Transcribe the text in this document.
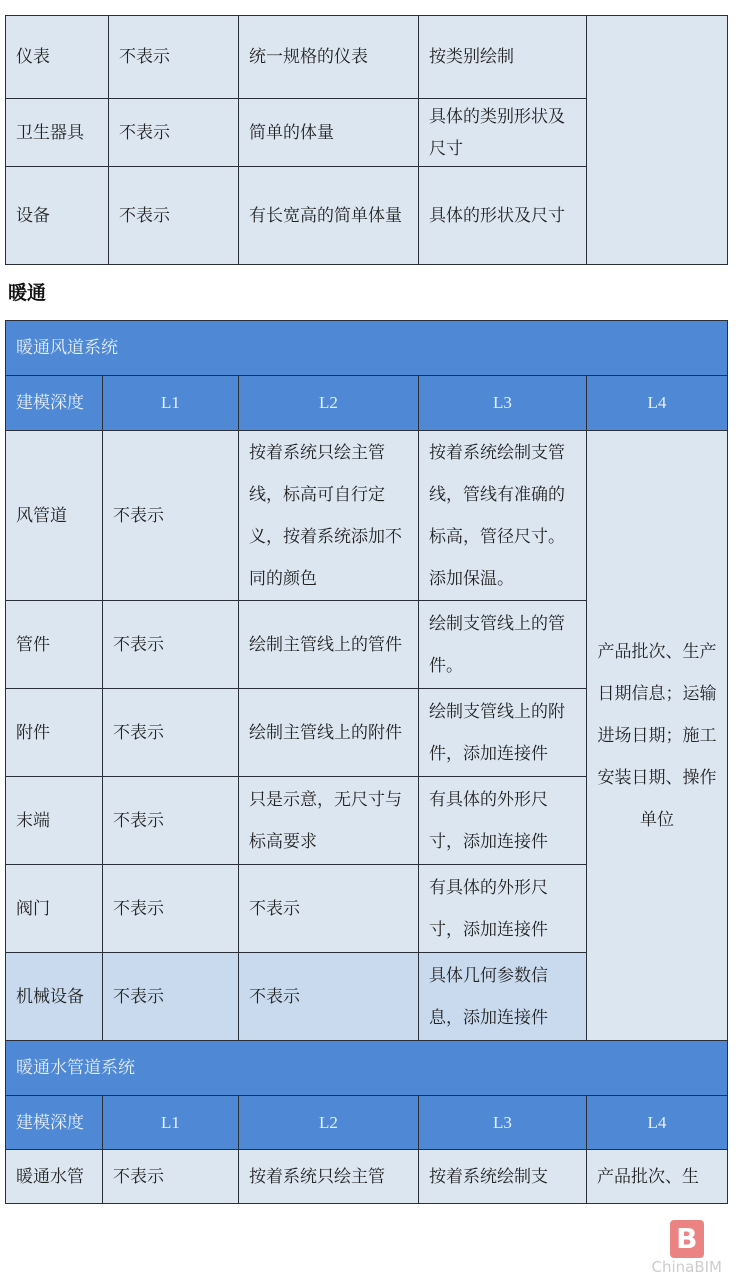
仪表	不表示	统一规格的仪表	按类别绘制	
卫生器具	不表示	简单的体量	具体的类别形状及尺寸	
设备	不表示	有长宽高的简单体量	具体的形状及尺寸	
暖通
暖通风道系统				
建模深度	L1	L2	L3	L4
风管道	不表示	按着系统只绘主管线，标高可自行定义，按着系统添加不同的颜色	按着系统绘制支管线，管线有准确的标高，管径尺寸。添加保温。	产品批次、生产日期信息；运输进场日期；施工安装日期、操作单位
管件	不表示	绘制主管线上的管件	绘制支管线上的管件。	
附件	不表示	绘制主管线上的附件	绘制支管线上的附件，添加连接件	
末端	不表示	只是示意，无尺寸与标高要求	有具体的外形尺寸，添加连接件	
阀门	不表示	不表示	有具体的外形尺寸，添加连接件	
机械设备	不表示	不表示	具体几何参数信息，添加连接件	
暖通水管道系统				
建模深度	L1	L2	L3	L4
暖通水管	不表示	按着系统只绘主管	按着系统绘制支	产品批次、生
B
ChinaBIM
